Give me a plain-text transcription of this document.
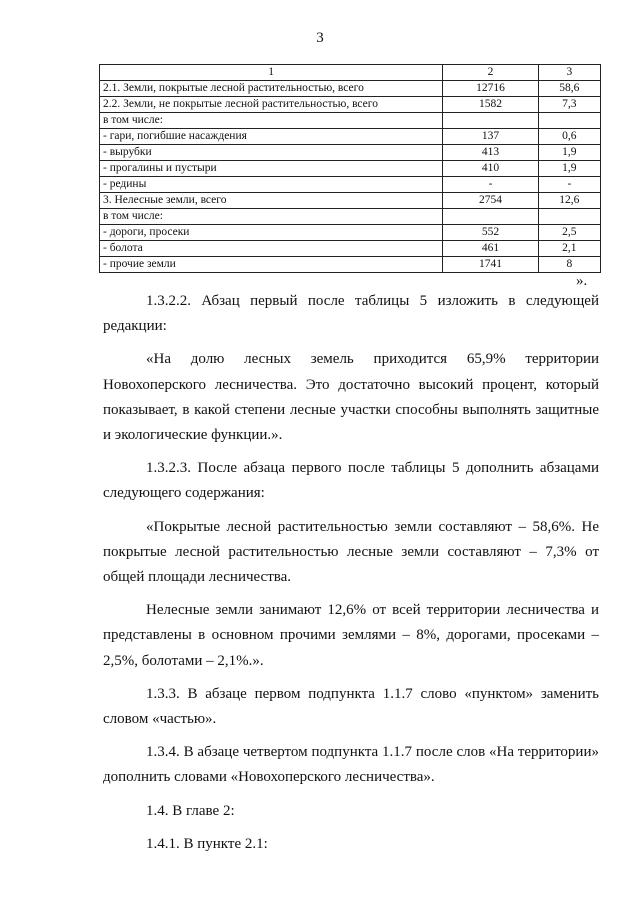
3
1	2	3
2.1. Земли, покрытые лесной растительностью, всего	12716	58,6
2.2. Земли, не покрытые лесной растительностью, всего	1582	7,3
в том числе:		
- гари, погибшие насаждения	137	0,6
- вырубки	413	1,9
- прогалины и пустыри	410	1,9
- редины	-	-
3. Нелесные земли, всего	2754	12,6
в том числе:		
- дороги, просеки	552	2,5
- болота	461	2,1
- прочие земли	1741	8
».

1.3.2.2. Абзац первый после таблицы 5 изложить в следующей редакции:

«На долю лесных земель приходится 65,9% территории Новохоперского лесничества. Это достаточно высокий процент, который показывает, в какой степени лесные участки способны выполнять защитные и экологические функции.».

1.3.2.3. После абзаца первого после таблицы 5 дополнить абзацами следующего содержания:

«Покрытые лесной растительностью земли составляют – 58,6%. Не покрытые лесной растительностью лесные земли составляют – 7,3% от общей площади лесничества.

Нелесные земли занимают 12,6% от всей территории лесничества и представлены в основном прочими землями – 8%, дорогами, просеками – 2,5%, болотами – 2,1%.».

1.3.3. В абзаце первом подпункта 1.1.7 слово «пунктом» заменить словом «частью».

1.3.4. В абзаце четвертом подпункта 1.1.7 после слов «На территории» дополнить словами «Новохоперского лесничества».

1.4. В главе 2:

1.4.1. В пункте 2.1:
